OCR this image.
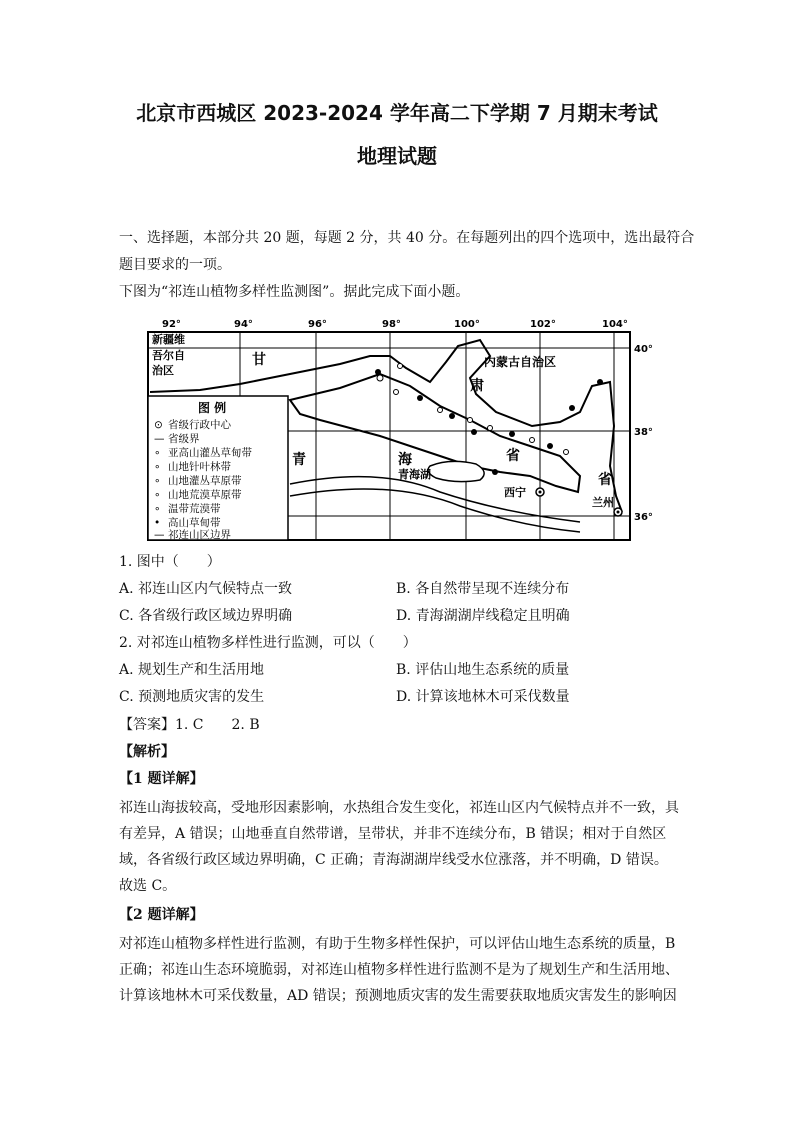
北京市西城区 2023-2024 学年高二下学期 7 月期末考试
地理试题
一、选择题，本部分共 20 题，每题 2 分，共 40 分。在每题列出的四个选项中，选出最符合
题目要求的一项。
下图为“祁连山植物多样性监测图”。据此完成下面小题。
92°	94°	96°	98°	100°	102°	104°
40°
38°
36°
新疆维
吾尔自
治区
甘	内蒙古自治区
肃
青	海	省
省
青海湖
西宁
兰州
图 例
⊙ 省级行政中心
— 省级界
∘ 亚高山灌丛草甸带
∘ 山地针叶林带
∘ 山地灌丛草原带
∘ 山地荒漠草原带
∘ 温带荒漠带
• 高山草甸带
— 祁连山区边界
1. 图中（　　）
A. 祁连山区内气候特点一致	B. 各自然带呈现不连续分布
C. 各省级行政区域边界明确	D. 青海湖湖岸线稳定且明确
2. 对祁连山植物多样性进行监测，可以（　　）
A. 规划生产和生活用地	B. 评估山地生态系统的质量
C. 预测地质灾害的发生	D. 计算该地林木可采伐数量
【答案】1. C　　2. B
【解析】
【1 题详解】
祁连山海拔较高，受地形因素影响，水热组合发生变化，祁连山区内气候特点并不一致，具有差异，A 错误；山地垂直自然带谱，呈带状，并非不连续分布，B 错误；相对于自然区域，各省级行政区域边界明确，C 正确；青海湖湖岸线受水位涨落，并不明确，D 错误。故选 C。
【2 题详解】
对祁连山植物多样性进行监测，有助于生物多样性保护，可以评估山地生态系统的质量，B 正确；祁连山生态环境脆弱，对祁连山植物多样性进行监测不是为了规划生产和生活用地、计算该地林木可采伐数量，AD 错误；预测地质灾害的发生需要获取地质灾害发生的影响因
